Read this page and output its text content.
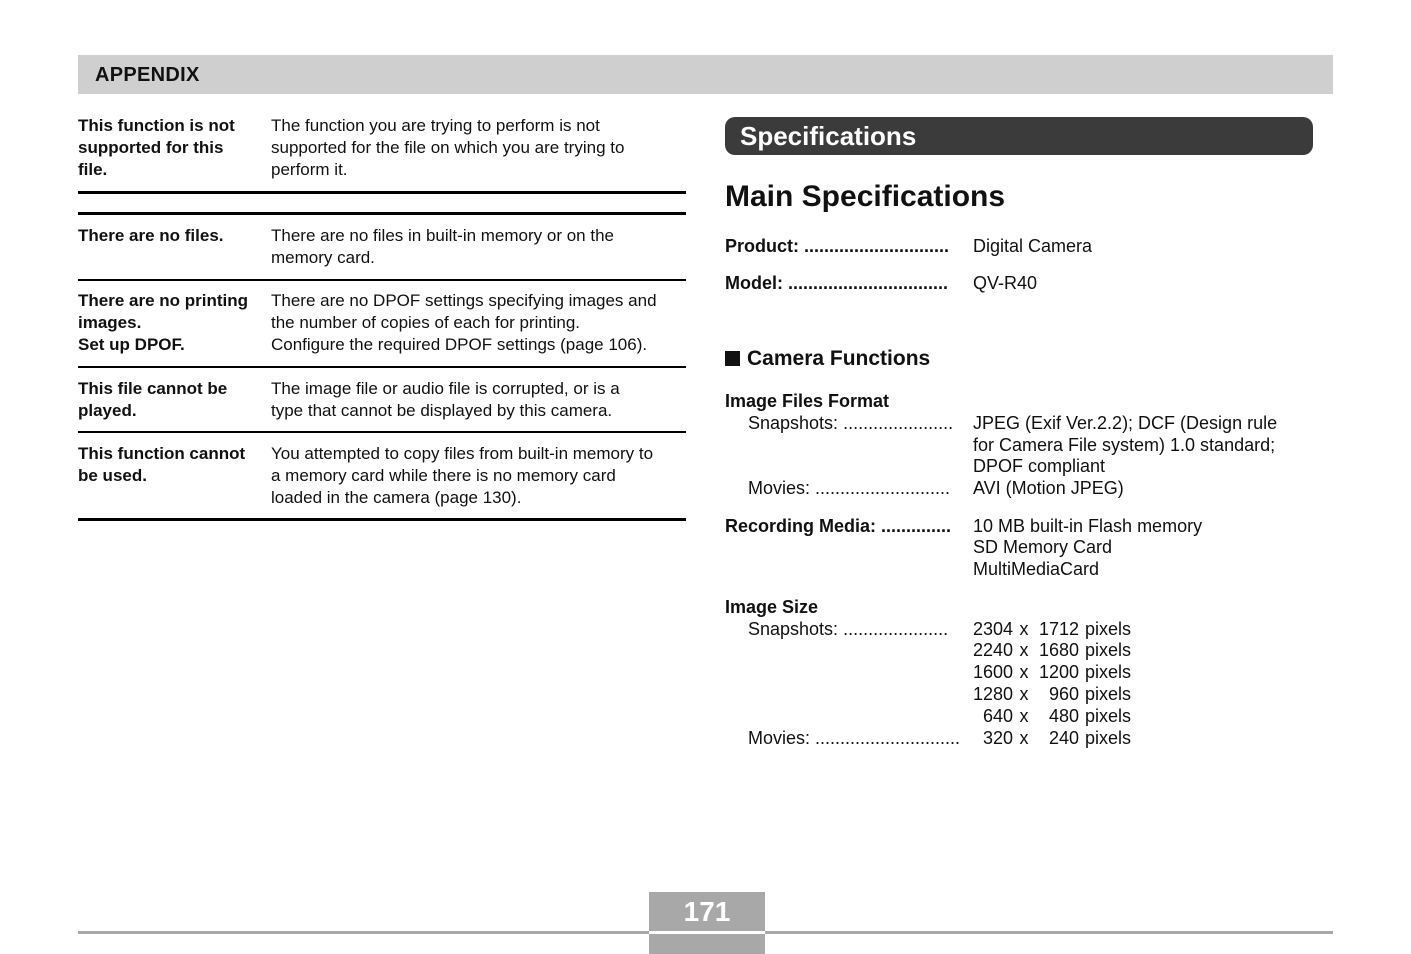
APPENDIX
This function is not
supported for this
file.
The function you are trying to perform is not
supported for the file on which you are trying to
perform it.
There are no files.	There are no files in built-in memory or on the
memory card.
There are no printing
images.
Set up DPOF.
There are no DPOF settings specifying images and
the number of copies of each for printing.
Configure the required DPOF settings (page 106).
This file cannot be
played.
The image file or audio file is corrupted, or is a
type that cannot be displayed by this camera.
This function cannot
be used.
You attempted to copy files from built-in memory to
a memory card while there is no memory card
loaded in the camera (page 130).
Specifications
Main Specifications
Product: ............................. Digital Camera
Model: ................................ QV-R40
Camera Functions
Image Files Format
Snapshots: ...................... JPEG (Exif Ver.2.2); DCF (Design rule
for Camera File system) 1.0 standard;
DPOF compliant
Movies: ........................... AVI (Motion JPEG)
Recording Media: .............. 10 MB built-in Flash memory
SD Memory Card
MultiMediaCard
Image Size
Snapshots: ..................... 2304 x 1712 pixels
2240 x 1680 pixels
1600 x 1200 pixels
1280 x 960 pixels
640 x 480 pixels
Movies: .............................	320 x 240 pixels
171
